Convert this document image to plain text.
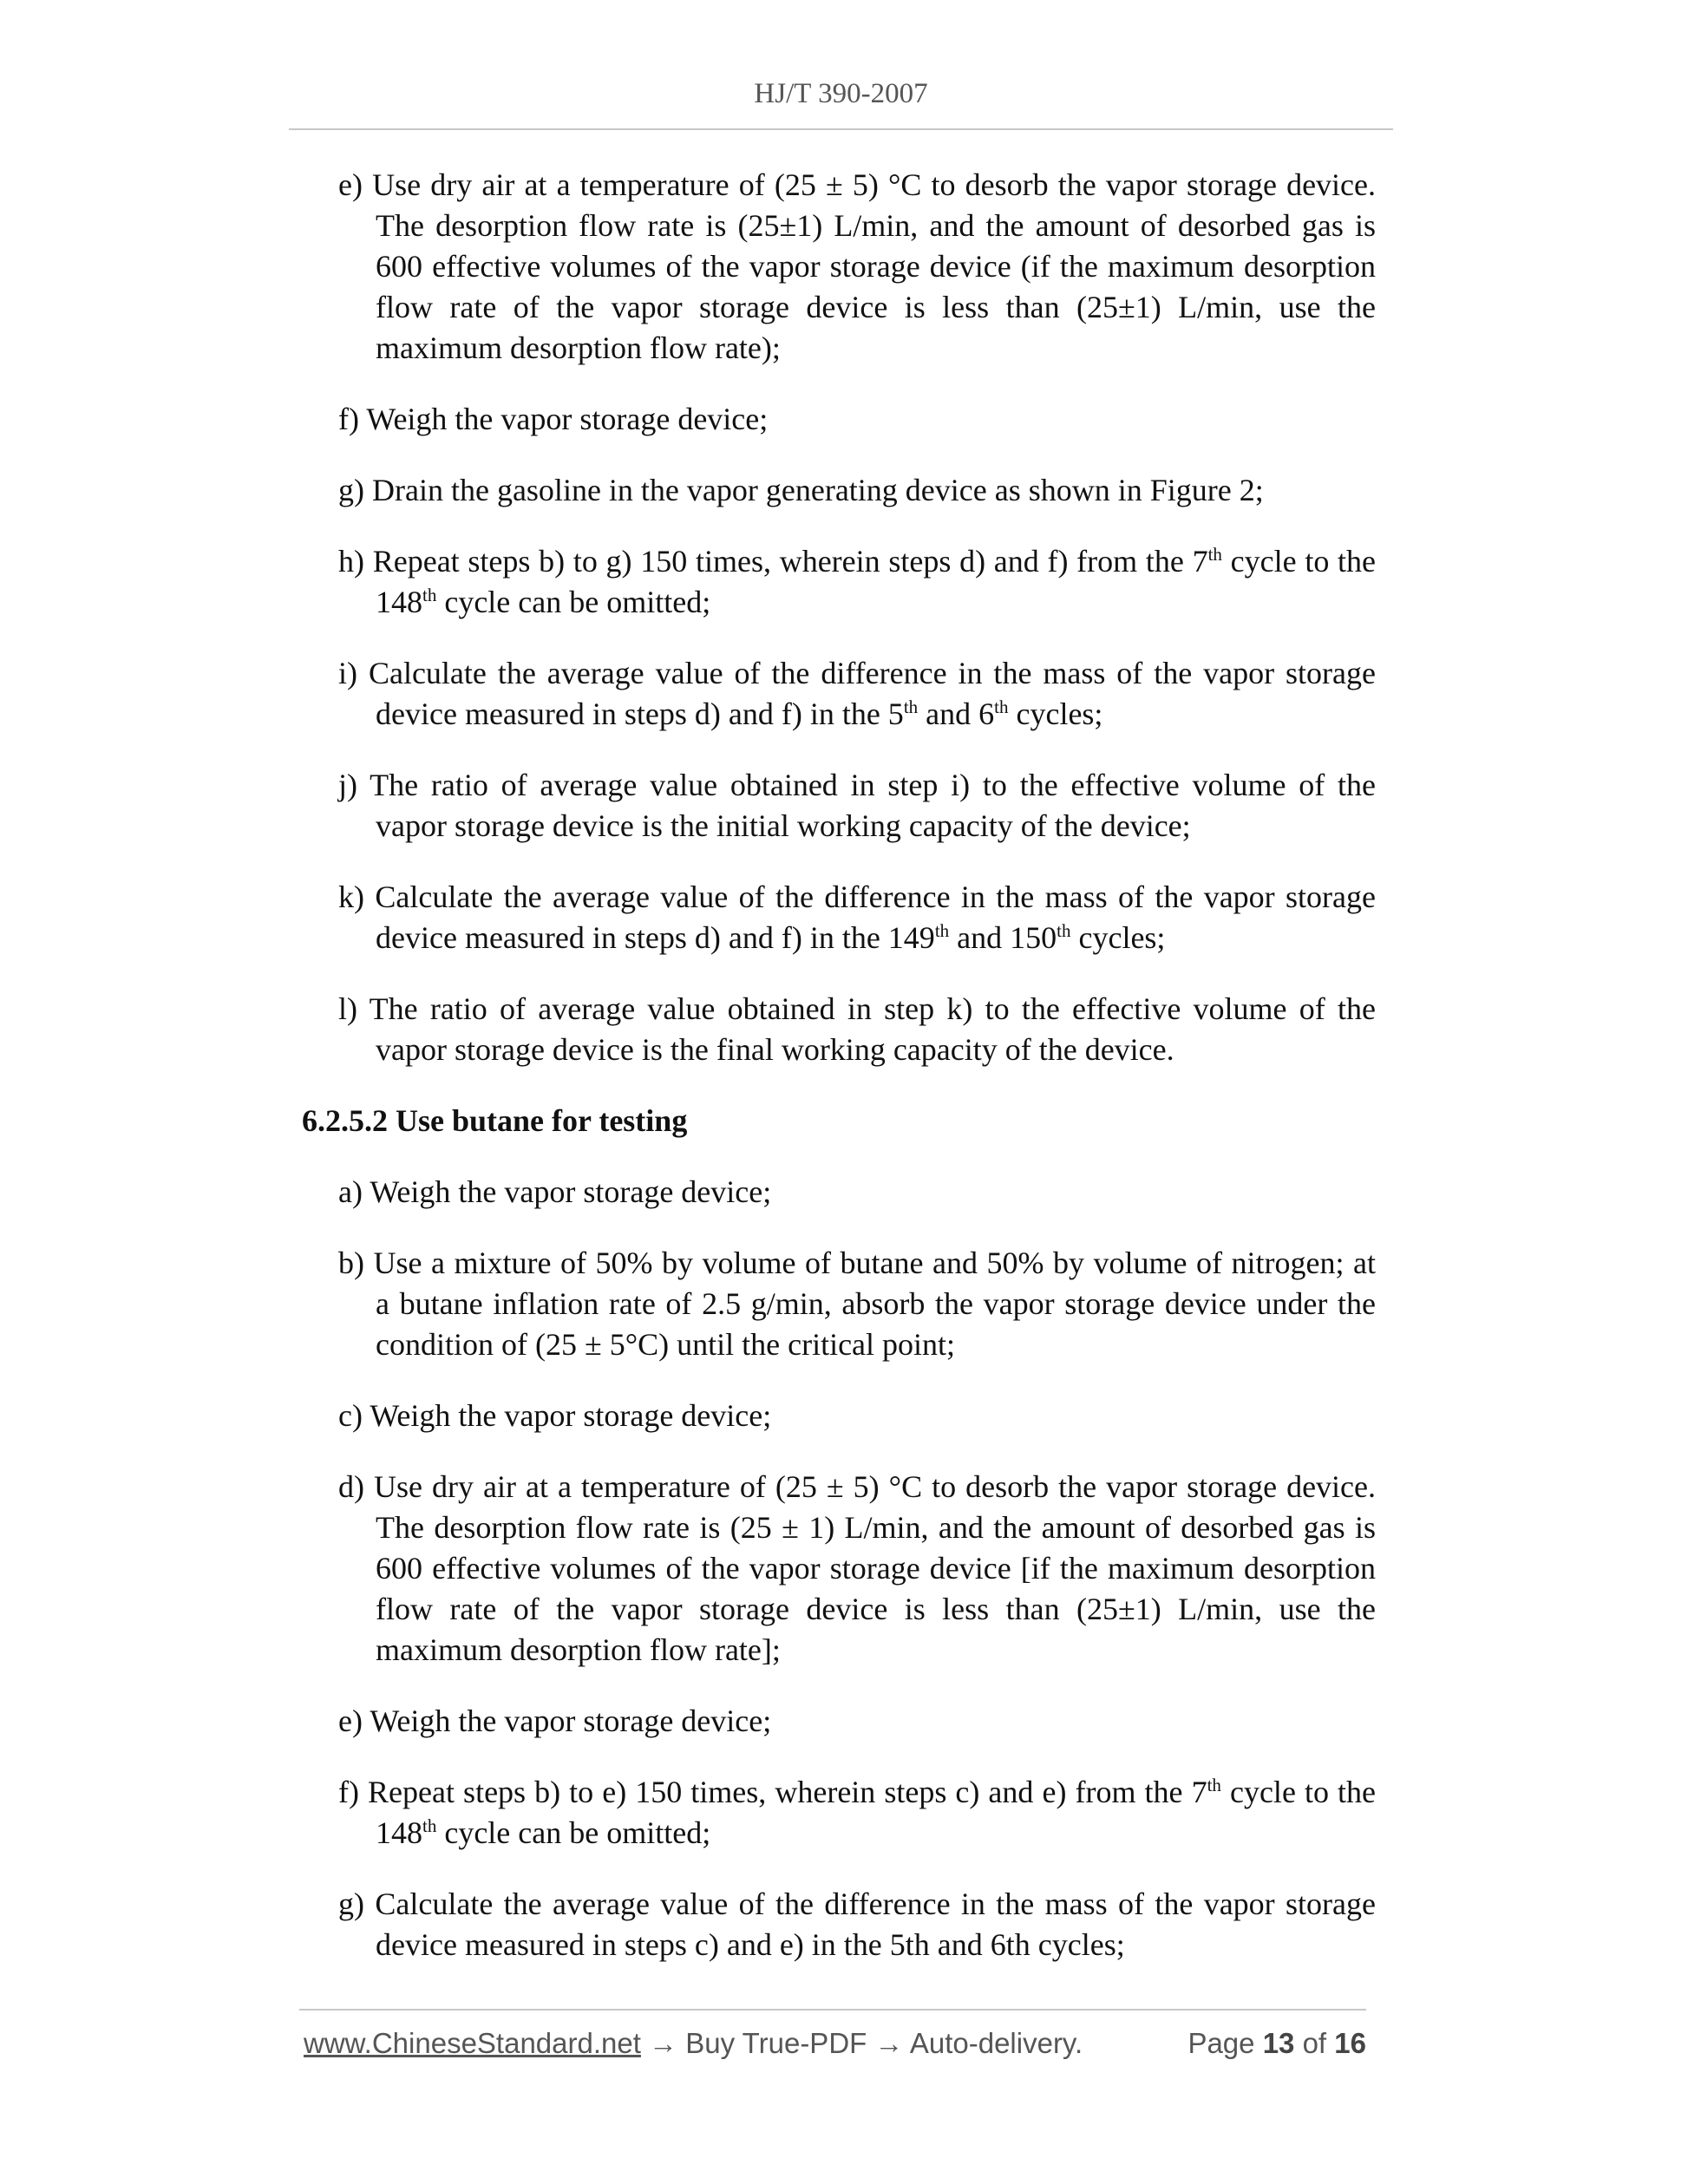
HJ/T 390-2007

e) Use dry air at a temperature of (25 ± 5) °C to desorb the vapor storage device. The desorption flow rate is (25±1) L/min, and the amount of desorbed gas is 600 effective volumes of the vapor storage device (if the maximum desorption flow rate of the vapor storage device is less than (25±1) L/min, use the maximum desorption flow rate);

f) Weigh the vapor storage device;

g) Drain the gasoline in the vapor generating device as shown in Figure 2;

h) Repeat steps b) to g) 150 times, wherein steps d) and f) from the 7th cycle to the 148th cycle can be omitted;

i) Calculate the average value of the difference in the mass of the vapor storage device measured in steps d) and f) in the 5th and 6th cycles;

j) The ratio of average value obtained in step i) to the effective volume of the vapor storage device is the initial working capacity of the device;

k) Calculate the average value of the difference in the mass of the vapor storage device measured in steps d) and f) in the 149th and 150th cycles;

l) The ratio of average value obtained in step k) to the effective volume of the vapor storage device is the final working capacity of the device.

6.2.5.2 Use butane for testing

a) Weigh the vapor storage device;

b) Use a mixture of 50% by volume of butane and 50% by volume of nitrogen; at a butane inflation rate of 2.5 g/min, absorb the vapor storage device under the condition of (25 ± 5°C) until the critical point;

c) Weigh the vapor storage device;

d) Use dry air at a temperature of (25 ± 5) °C to desorb the vapor storage device. The desorption flow rate is (25 ± 1) L/min, and the amount of desorbed gas is 600 effective volumes of the vapor storage device [if the maximum desorption flow rate of the vapor storage device is less than (25±1) L/min, use the maximum desorption flow rate];

e) Weigh the vapor storage device;

f) Repeat steps b) to e) 150 times, wherein steps c) and e) from the 7th cycle to the 148th cycle can be omitted;

g) Calculate the average value of the difference in the mass of the vapor storage device measured in steps c) and e) in the 5th and 6th cycles;

www.ChineseStandard.net → Buy True-PDF → Auto-delivery.	Page 13 of 16
